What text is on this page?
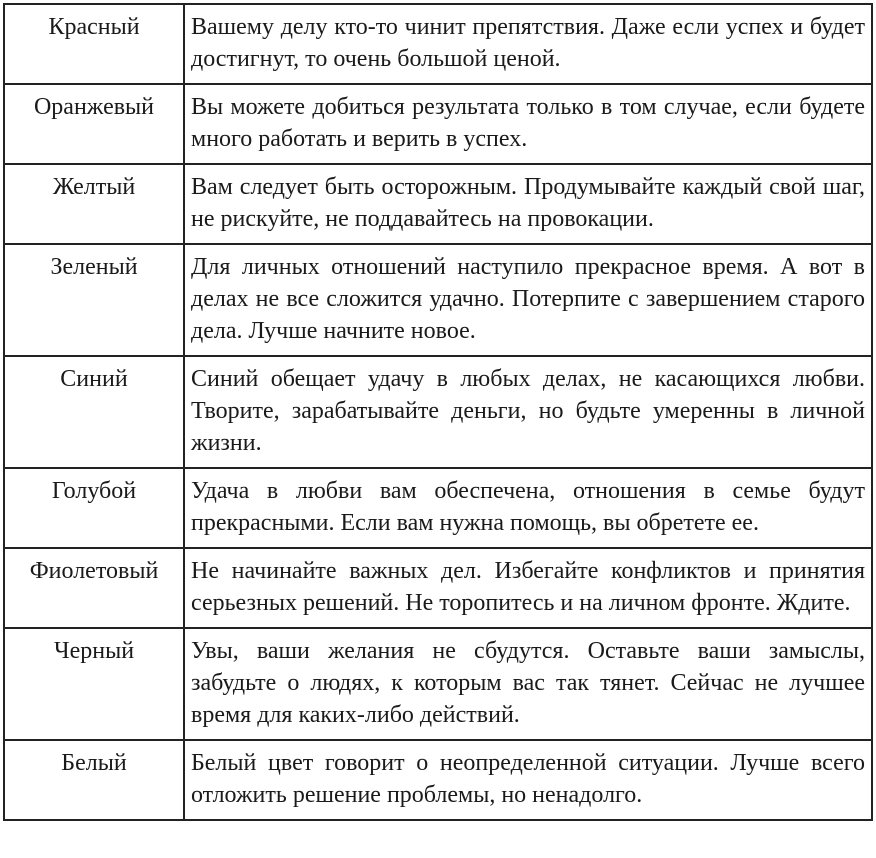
Красный	Вашему делу кто-то чинит препятствия. Даже если успех и будет достигнут, то очень большой ценой.
Оранжевый	Вы можете добиться результата только в том случае, если будете много работать и верить в успех.
Желтый	Вам следует быть осторожным. Продумывайте каждый свой шаг, не рискуйте, не поддавайтесь на провокации.
Зеленый	Для личных отношений наступило прекрасное время. А вот в делах не все сложится удачно. Потерпите с завершением старого дела. Лучше начните новое.
Синий	Синий обещает удачу в любых делах, не касающихся любви. Творите, зарабатывайте деньги, но будьте умеренны в личной жизни.
Голубой	Удача в любви вам обеспечена, отношения в семье будут прекрасными. Если вам нужна помощь, вы обретете ее.
Фиолетовый	Не начинайте важных дел. Избегайте конфликтов и принятия серьезных решений. Не торопитесь и на личном фронте. Ждите.
Черный	Увы, ваши желания не сбудутся. Оставьте ваши замыслы, забудьте о людях, к которым вас так тянет. Сейчас не лучшее время для каких-либо действий.
Белый	Белый цвет говорит о неопределенной ситуации. Лучше всего отложить решение проблемы, но ненадолго.
